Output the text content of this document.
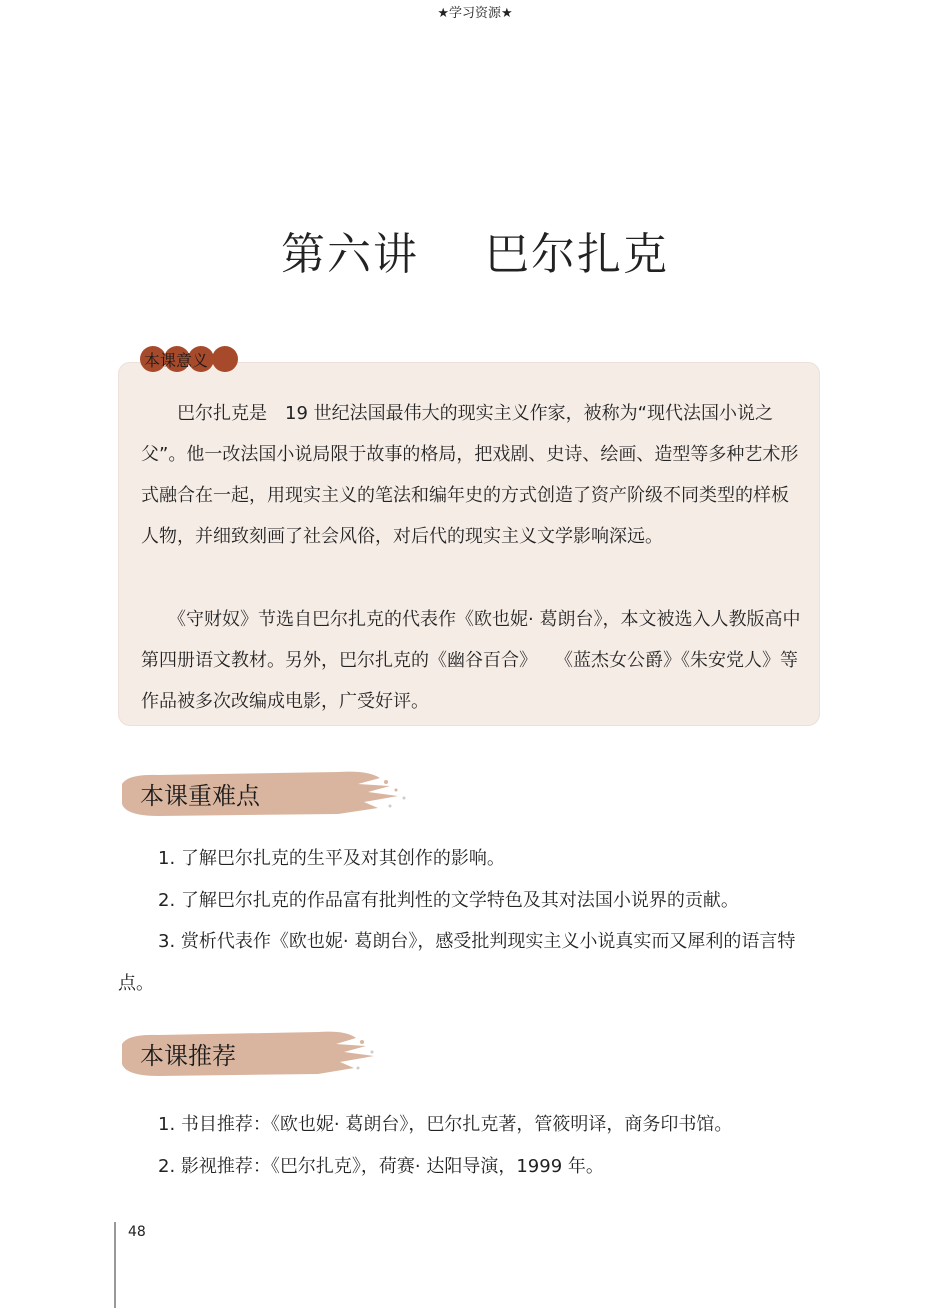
★学习资源★
第六讲 巴尔扎克

　　巴尔扎克是　19 世纪法国最伟大的现实主义作家，被称为“现代法国小说之父”。他一改法国小说局限于故事的格局，把戏剧、史诗、绘画、造型等多种艺术形式融合在一起，用现实主义的笔法和编年史的方式创造了资产阶级不同类型的样板人物，并细致刻画了社会风俗，对后代的现实主义文学影响深远。

　　《守财奴》节选自巴尔扎克的代表作《欧也妮· 葛朗台》，本文被选入人教版高中第四册语文教材。另外，巴尔扎克的《幽谷百合》　　《蓝杰女公爵》《朱安党人》等作品被多次改编成电影，广受好评。

本课意义
本课重难点
1. 了解巴尔扎克的生平及对其创作的影响。
2. 了解巴尔扎克的作品富有批判性的文学特色及其对法国小说界的贡献。
3. 赏析代表作《欧也妮· 葛朗台》，感受批判现实主义小说真实而又犀利的语言特点。
本课推荐
1. 书目推荐：《欧也妮· 葛朗台》，巴尔扎克著，管筱明译，商务印书馆。
2. 影视推荐：《巴尔扎克》，荷赛· 达阳导演，1999 年。
48
